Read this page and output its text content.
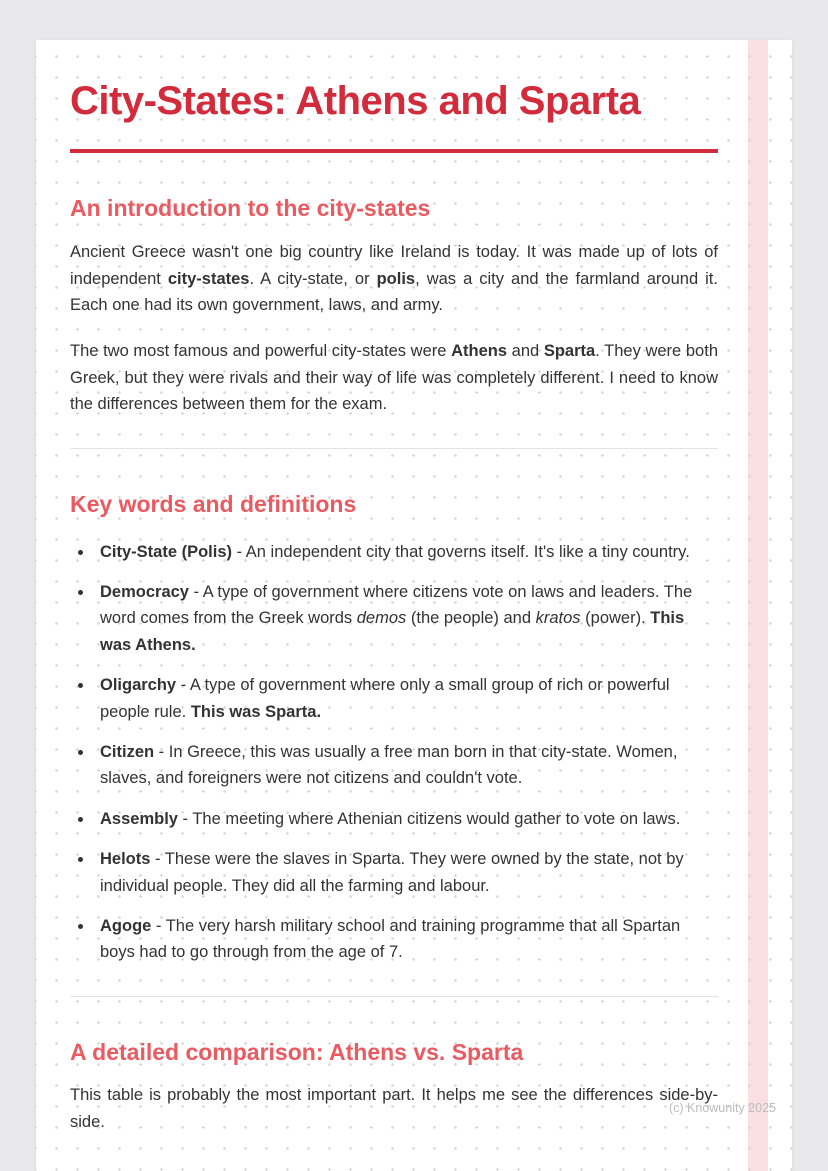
City-States: Athens and Sparta
An introduction to the city-states

Ancient Greece wasn't one big country like Ireland is today. It was made up of lots of independent city-states. A city-state, or polis, was a city and the farmland around it. Each one had its own government, laws, and army.

The two most famous and powerful city-states were Athens and Sparta. They were both Greek, but they were rivals and their way of life was completely different. I need to know the differences between them for the exam.

Key words and definitions
• City-State (Polis) - An independent city that governs itself. It's like a tiny country.
• Democracy - A type of government where citizens vote on laws and leaders. The word comes from the Greek words demos (the people) and kratos (power). This was Athens.
• Oligarchy - A type of government where only a small group of rich or powerful people rule. This was Sparta.
• Citizen - In Greece, this was usually a free man born in that city-state. Women, slaves, and foreigners were not citizens and couldn't vote.
• Assembly - The meeting where Athenian citizens would gather to vote on laws.
• Helots - These were the slaves in Sparta. They were owned by the state, not by individual people. They did all the farming and labour.
• Agoge - The very harsh military school and training programme that all Spartan boys had to go through from the age of 7.
A detailed comparison: Athens vs. Sparta

This table is probably the most important part. It helps me see the differences side-by-side.

(c) Knowunity 2025
